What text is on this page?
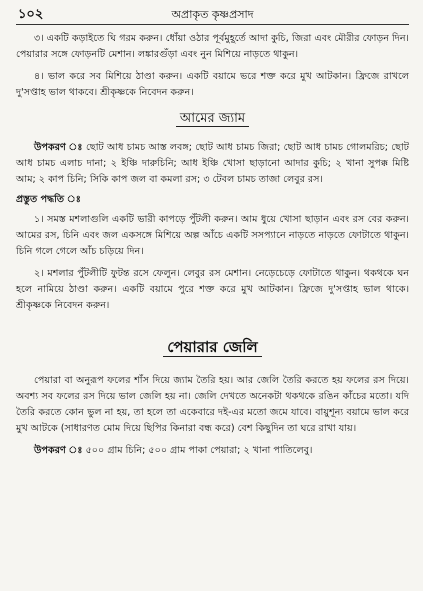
১০২	অপ্রাকৃত কৃষ্ণপ্রসাদ

৩। একটি কড়াইতে ঘি গরম করুন। ধোঁয়া ওঠার পূর্বমুহূর্তে আদা কুচি, জিরা এবং মৌরীর ফোড়ন দিন। পেয়ারার সঙ্গে ফোড়নটি মেশান। লঙ্কারগুঁড়া এবং নুন মিশিয়ে নাড়তে থাকুন।

৪। ভাল করে সব মিশিয়ে ঠাণ্ডা করুন। একটি বয়ামে ভরে শক্ত করে মুখ আটকান। ফ্রিজে রাখলে দু'সপ্তাহ ভাল থাকবে। শ্রীকৃষ্ণকে নিবেদন করুন।

আমের জ্যাম

উপকরণ ঃ ছোট আধ চামচ আস্ত লবঙ্গ; ছোট আধ চামচ জিরা; ছোট আধ চামচ গোলমরিচ; ছোট আধ চামচ এলাচ দানা; ২ ইঞ্চি দারুচিনি; আধ ইঞ্চি খোসা ছাড়ানো আদার কুচি; ২ খানা সুপক্ক মিষ্টি আম; ২ কাপ চিনি; সিকি কাপ জল বা কমলা রস; ৩ টেবল চামচ তাজা লেবুর রস।

প্রস্তুত পদ্ধতি ঃ

১। সমস্ত মশলাগুলি একটি ভারী কাপড়ে পুঁটলী করুন। আম ধুয়ে খোসা ছাড়ান এবং রস বের করুন। আমের রস, চিনি এবং জল একসঙ্গে মিশিয়ে অল্প আঁচে একটি সসপ্যানে নাড়তে নাড়তে ফোটাতে থাকুন। চিনি গলে গেলে আঁচ চড়িয়ে দিন।

২। মশলার পুঁটলীটি ফুটন্ত রসে ফেলুন। লেবুর রস মেশান। নেড়েচেড়ে ফোটাতে থাকুন। থকথকে ঘন হলে নামিয়ে ঠাণ্ডা করুন। একটি বয়ামে পুরে শক্ত করে মুখ আটকান। ফ্রিজে দু'সপ্তাহ ভাল থাকে। শ্রীকৃষ্ণকে নিবেদন করুন।

পেয়ারার জেলি

পেয়ারা বা অনুরূপ ফলের শাঁস দিয়ে জ্যাম তৈরি হয়। আর জেলি তৈরি করতে হয় ফলের রস দিয়ে। অবশ্য সব ফলের রস দিয়ে ভাল জেলি হয় না। জেলি দেখতে অনেকটা থকথকে রঙিন কাঁচের মতো। যদি তৈরি করতে কোন ভুল না হয়, তা হলে তা একেবারে দই-এর মতো জমে যাবে। বায়ুশূন্য বয়ামে ভাল করে মুখ আটকে (সাধারণত মোম দিয়ে ছিপির কিনারা বন্ধ করে) বেশ কিছুদিন তা ঘরে রাখা যায়।

উপকরণ ঃ ৫০০ গ্রাম চিনি; ৫০০ গ্রাম পাকা পেয়ারা; ২ খানা পাতিলেবু।
